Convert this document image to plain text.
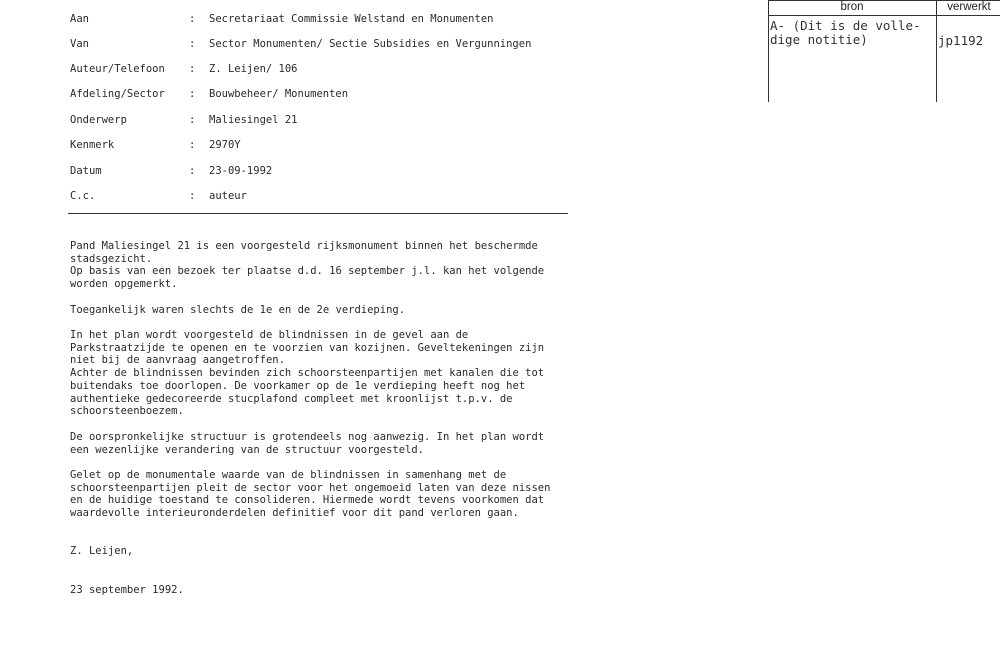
Aan	: Secretariaat Commissie Welstand en Monumenten
Van	: Sector Monumenten/ Sectie Subsidies en Vergunningen
Auteur/Telefoon : Z. Leijen/ 106
Afdeling/Sector : Bouwbeheer/ Monumenten
Onderwerp	: Maliesingel 21
Kenmerk	: 2970Y
Datum	: 23-09-1992
C.c.	: auteur
bron	verwerkt
A- (Dit is de volle-
dige notitie)	jp1192
Pand Maliesingel 21 is een voorgesteld rijksmonument binnen het beschermde
stadsgezicht.
Op basis van een bezoek ter plaatse d.d. 16 september j.l. kan het volgende
worden opgemerkt.
Toegankelijk waren slechts de 1e en de 2e verdieping.
In het plan wordt voorgesteld de blindnissen in de gevel aan de
Parkstraatzijde te openen en te voorzien van kozijnen. Geveltekeningen zijn
niet bij de aanvraag aangetroffen.
Achter de blindnissen bevinden zich schoorsteenpartijen met kanalen die tot
buitendaks toe doorlopen. De voorkamer op de 1e verdieping heeft nog het
authentieke gedecoreerde stucplafond compleet met kroonlijst t.p.v. de
schoorsteenboezem.
De oorspronkelijke structuur is grotendeels nog aanwezig. In het plan wordt
een wezenlijke verandering van de structuur voorgesteld.
Gelet op de monumentale waarde van de blindnissen in samenhang met de
schoorsteenpartijen pleit de sector voor het ongemoeid laten van deze nissen
en de huidige toestand te consolideren. Hiermede wordt tevens voorkomen dat
waardevolle interieuronderdelen definitief voor dit pand verloren gaan.
Z. Leijen,
23 september 1992.
